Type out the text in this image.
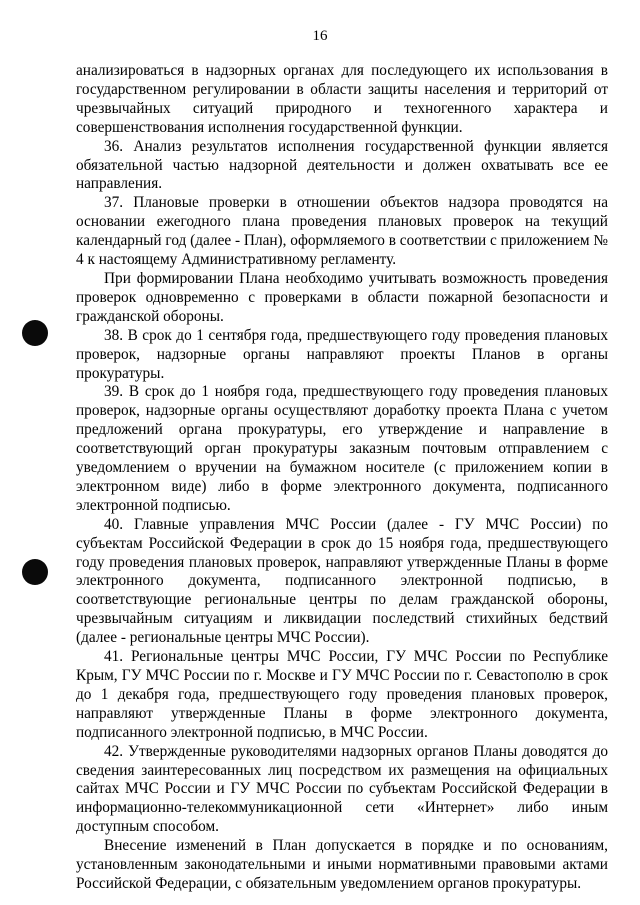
16

анализироваться в надзорных органах для последующего их использования в государственном регулировании в области защиты населения и территорий от чрезвычайных ситуаций природного и техногенного характера и совершенствования исполнения государственной функции.

36. Анализ результатов исполнения государственной функции является обязательной частью надзорной деятельности и должен охватывать все ее направления.

37. Плановые проверки в отношении объектов надзора проводятся на основании ежегодного плана проведения плановых проверок на текущий календарный год (далее - План), оформляемого в соответствии с приложением № 4 к настоящему Административному регламенту.

При формировании Плана необходимо учитывать возможность проведения проверок одновременно с проверками в области пожарной безопасности и гражданской обороны.

38. В срок до 1 сентября года, предшествующего году проведения плановых проверок, надзорные органы направляют проекты Планов в органы прокуратуры.

39. В срок до 1 ноября года, предшествующего году проведения плановых проверок, надзорные органы осуществляют доработку проекта Плана с учетом предложений органа прокуратуры, его утверждение и направление в соответствующий орган прокуратуры заказным почтовым отправлением с уведомлением о вручении на бумажном носителе (с приложением копии в электронном виде) либо в форме электронного документа, подписанного электронной подписью.

40. Главные управления МЧС России (далее - ГУ МЧС России) по субъектам Российской Федерации в срок до 15 ноября года, предшествующего году проведения плановых проверок, направляют утвержденные Планы в форме электронного документа, подписанного электронной подписью, в соответствующие региональные центры по делам гражданской обороны, чрезвычайным ситуациям и ликвидации последствий стихийных бедствий (далее - региональные центры МЧС России).

41. Региональные центры МЧС России, ГУ МЧС России по Республике Крым, ГУ МЧС России по г. Москве и ГУ МЧС России по г. Севастополю в срок до 1 декабря года, предшествующего году проведения плановых проверок, направляют утвержденные Планы в форме электронного документа, подписанного электронной подписью, в МЧС России.

42. Утвержденные руководителями надзорных органов Планы доводятся до сведения заинтересованных лиц посредством их размещения на официальных сайтах МЧС России и ГУ МЧС России по субъектам Российской Федерации в информационно-телекоммуникационной сети «Интернет» либо иным доступным способом.

Внесение изменений в План допускается в порядке и по основаниям, установленным законодательными и иными нормативными правовыми актами Российской Федерации, с обязательным уведомлением органов прокуратуры.
